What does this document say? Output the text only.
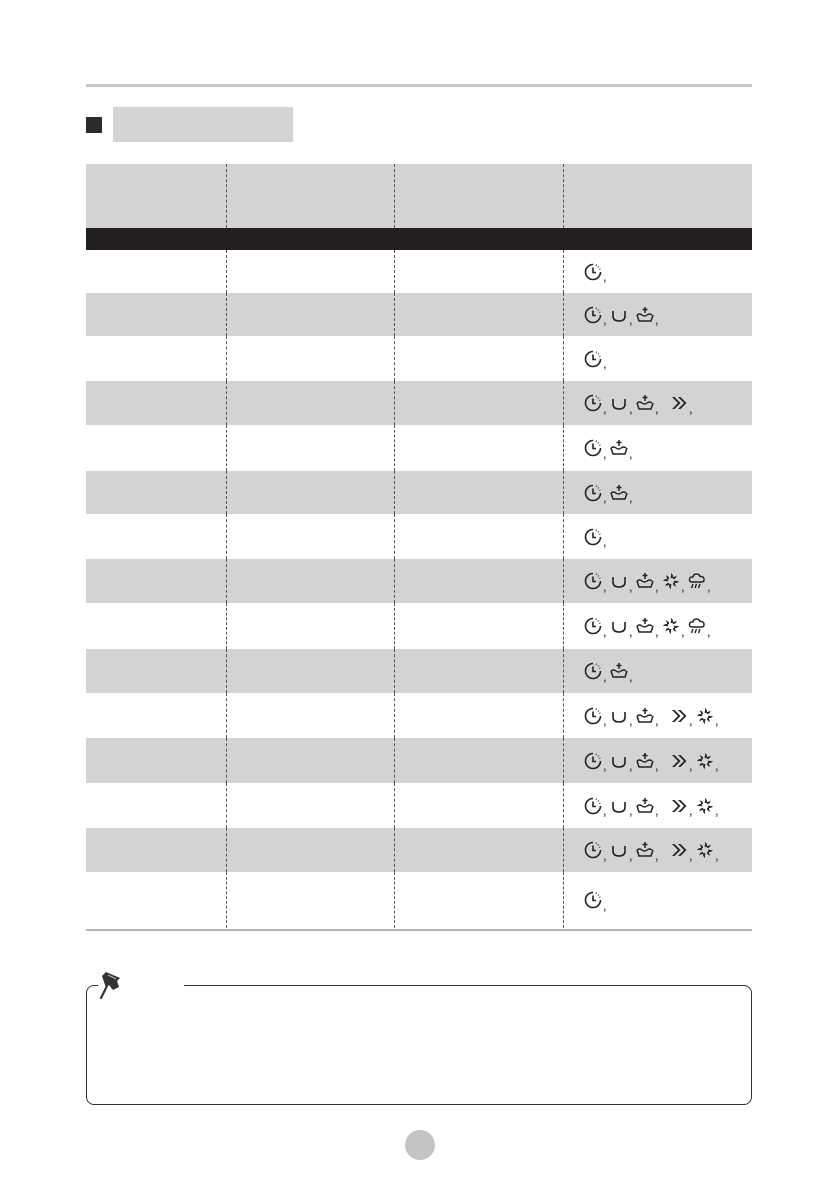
,
, , ,
,
, , ,	,
, ,
, ,
,
, , , , ,
, , , , ,
, ,
, , ,	, ,
, , ,	, ,
, , ,	, ,
, , ,	, ,
,
